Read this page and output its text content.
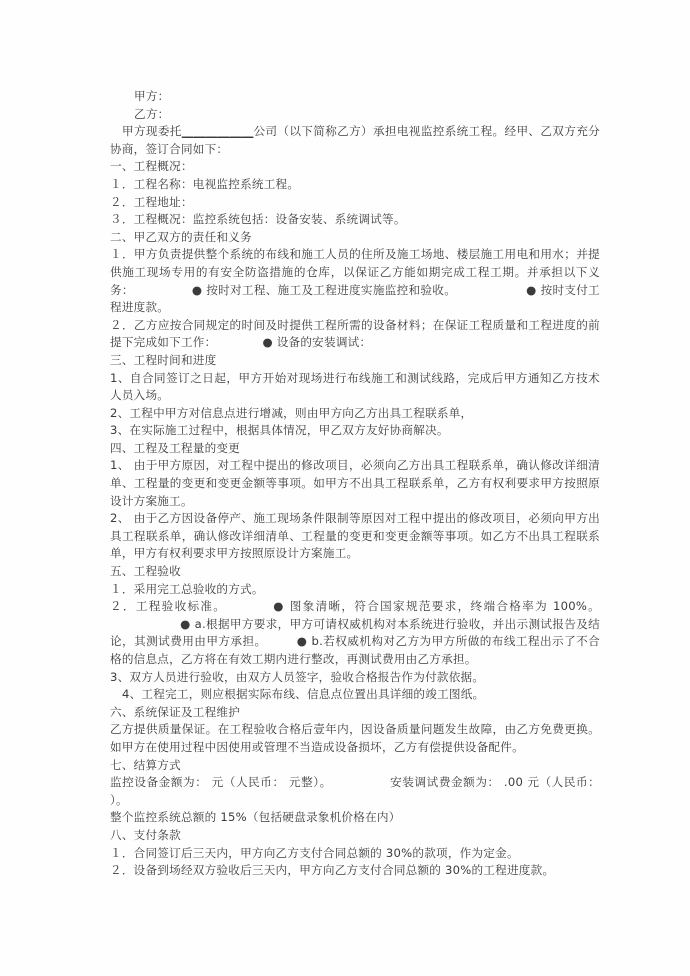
甲方：

乙方：

甲方现委托＿＿＿＿＿＿公司（以下简称乙方）承担电视监控系统工程。经甲、乙双方充分协商，签订合同如下：

一、工程概况：

１．工程名称：电视监控系统工程。

２．工程地址：

３．工程概况：监控系统包括：设备安装、系统调试等。

二、甲乙双方的责任和义务

１．甲方负责提供整个系统的布线和施工人员的住所及施工场地、楼层施工用电和用水；并提供施工现场专用的有安全防盗措施的仓库，以保证乙方能如期完成工程工期。并承担以下义务：	● 按时对工程、施工及工程进度实施监控和验收。	● 按时支付工程进度款。

２．乙方应按合同规定的时间及时提供工程所需的设备材料；在保证工程质量和工程进度的前提下完成如下工作：	● 设备的安装调试：

三、工程时间和进度

1、自合同签订之日起，甲方开始对现场进行布线施工和测试线路，完成后甲方通知乙方技术人员入场。

2、工程中甲方对信息点进行增减，则由甲方向乙方出具工程联系单，

3、在实际施工过程中，根据具体情况，甲乙双方友好协商解决。

四、工程及工程量的变更

1、 由于甲方原因，对工程中提出的修改项目，必须向乙方出具工程联系单，确认修改详细清单、工程量的变更和变更金额等事项。如甲方不出具工程联系单，乙方有权利要求甲方按照原设计方案施工。

2、 由于乙方因设备停产、施工现场条件限制等原因对工程中提出的修改项目，必须向甲方出具工程联系单，确认修改详细清单、工程量的变更和变更金额等事项。如乙方不出具工程联系单，甲方有权利要求甲方按照原设计方案施工。

五、工程验收

１．采用完工总验收的方式。

２．工程验收标准。	● 图象清晰，符合国家规范要求，终端合格率为 100%。● a.根据甲方要求，甲方可请权威机构对本系统进行验收，并出示测试报告及结论，其测试费用由甲方承担。	● b.若权威机构对乙方为甲方所做的布线工程出示了不合格的信息点，乙方将在有效工期内进行整改，再测试费用由乙方承担。

3、双方人员进行验收，由双方人员签字，验收合格报告作为付款依据。

4、工程完工，则应根据实际布线、信息点位置出具详细的竣工图纸。

六、系统保证及工程维护

乙方提供质量保证。在工程验收合格后壹年内，因设备质量问题发生故障，由乙方免费更换。如甲方在使用过程中因使用或管理不当造成设备损坏，乙方有偿提供设备配件。

七、结算方式

监控设备金额为： 元（人民币： 元整）。	安装调试费金额为： .00 元（人民币： ）。

整个监控系统总额的 15%（包括硬盘录象机价格在内）

八、支付条款

１．合同签订后三天内，甲方向乙方支付合同总额的 30%的款项，作为定金。

２．设备到场经双方验收后三天内，甲方向乙方支付合同总额的 30%的工程进度款。
